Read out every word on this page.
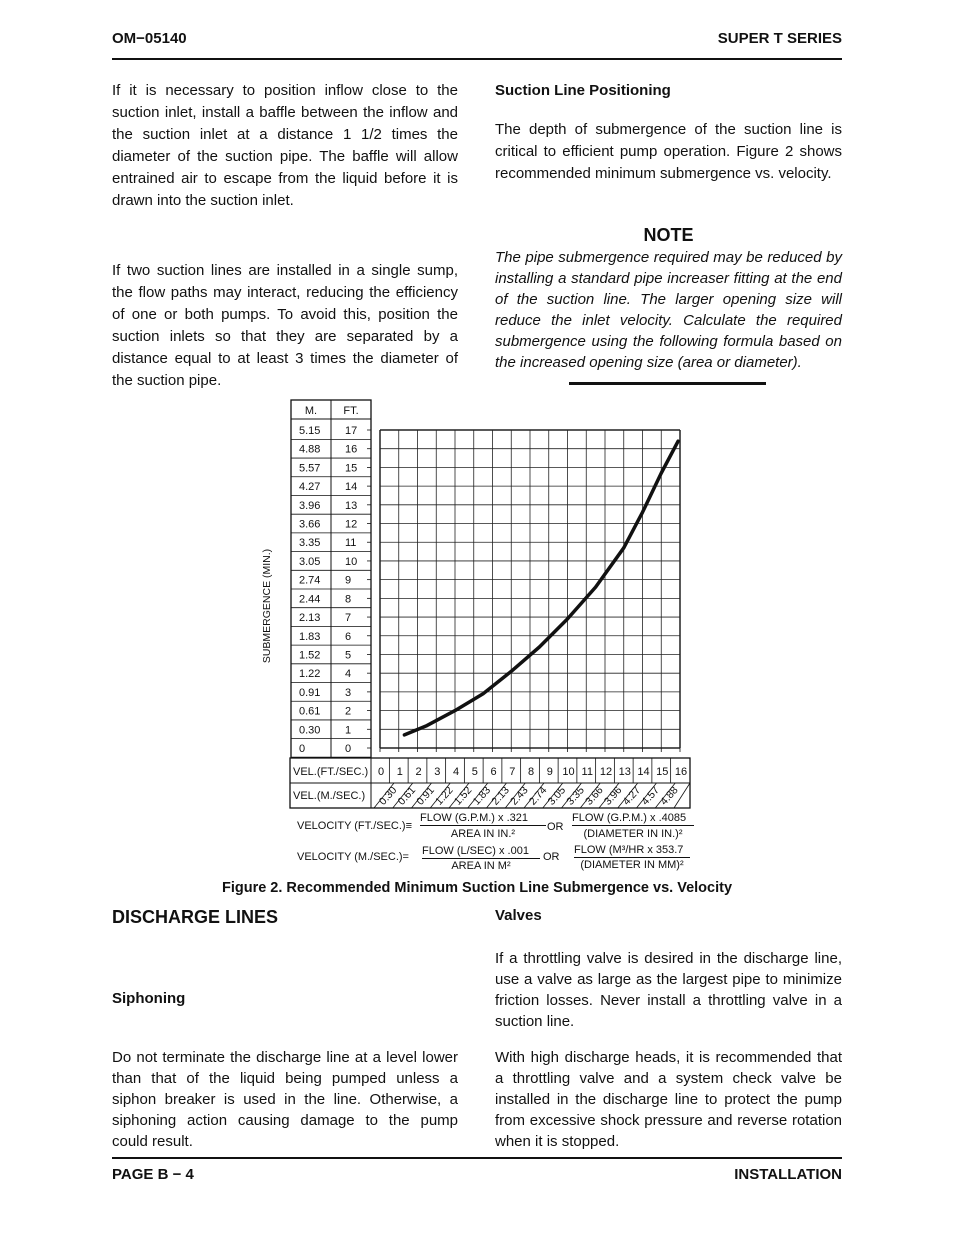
OM−05140	SUPER T SERIES

If it is necessary to position inflow close to the suction inlet, install a baffle between the inflow and the suction inlet at a distance 1 1/2 times the diameter of the suction pipe. The baffle will allow entrained air to escape from the liquid before it is drawn into the suction inlet.

If two suction lines are installed in a single sump, the flow paths may interact, reducing the efficiency of one or both pumps. To avoid this, position the suction inlets so that they are separated by a distance equal to at least 3 times the diameter of the suction pipe.

Suction Line Positioning

The depth of submergence of the suction line is critical to efficient pump operation. Figure 2 shows recommended minimum submergence vs. velocity.

NOTE

The pipe submergence required may be reduced by installing a standard pipe increaser fitting at the end of the suction line. The larger opening size will reduce the inlet velocity. Calculate the required submergence using the following formula based on the increased opening size (area or diameter).

M. FT.
5.15 17
4.88 16
5.57 15
4.27 14
3.96 13
3.66 12
3.35 11
3.05 10
2.74 9
2.44 8
2.13 7
1.83 6
1.52 5
1.22 4
0.91 3
0.61 2
0.30 1
0	0
SUBMERGENCE (MIN.)
VEL.(FT./SEC.)
VEL.(M./SEC.)
0 1 2 3 4 5 6 7 8 9 10 11 12 13 14 15 16
0.30
0.61
0.91
1.22
1.52
1.83
2.13
2.43
2.74
3.05
3.35
3.66
3.96
4.27
4.57
4.88
VELOCITY (FT./SEC.)≡
FLOW (G.P.M.) x .321
AREA IN IN.²
OR
FLOW (G.P.M.) x .4085
(DIAMETER IN IN.)²
VELOCITY (M./SEC.)= FLOW (L/SEC) x .001
AREA IN M²
OR
FLOW (M³/HR x 353.7
(DIAMETER IN MM)²
Figure 2. Recommended Minimum Suction Line Submergence vs. Velocity
DISCHARGE LINES
Siphoning

Do not terminate the discharge line at a level lower than that of the liquid being pumped unless a siphon breaker is used in the line. Otherwise, a siphoning action causing damage to the pump could result.

Valves

If a throttling valve is desired in the discharge line, use a valve as large as the largest pipe to minimize friction losses. Never install a throttling valve in a suction line.

With high discharge heads, it is recommended that a throttling valve and a system check valve be installed in the discharge line to protect the pump from excessive shock pressure and reverse rotation when it is stopped.

PAGE B − 4	INSTALLATION
